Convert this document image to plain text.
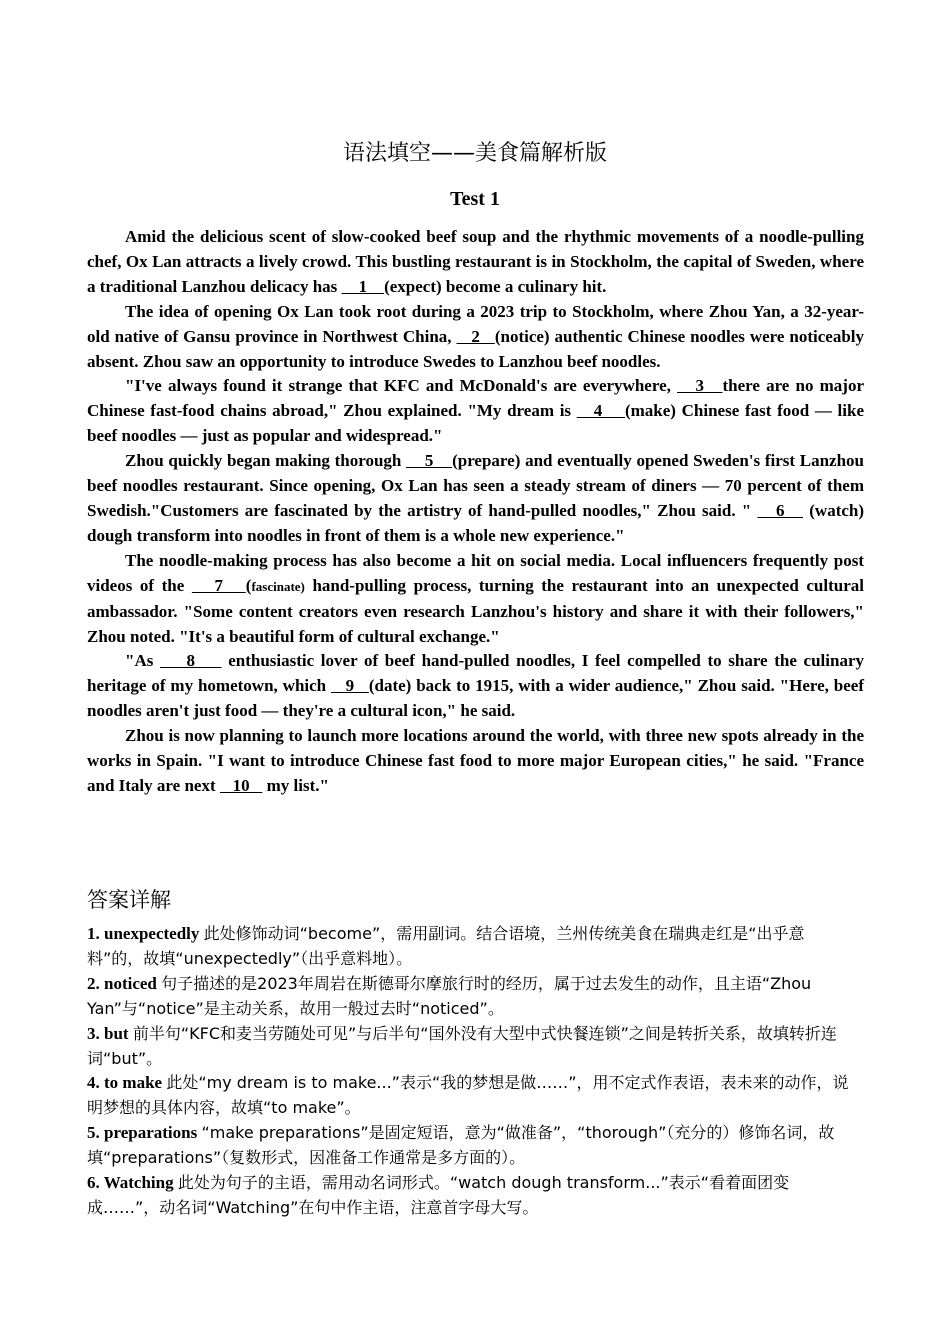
语法填空——美食篇解析版
Test 1

Amid the delicious scent of slow-cooked beef soup and the rhythmic movements of a noodle-pulling chef, Ox Lan attracts a lively crowd. This bustling restaurant is in Stockholm, the capital of Sweden, where a traditional Lanzhou delicacy has     1    (expect) become a culinary hit.

The idea of opening Ox Lan took root during a 2023 trip to Stockholm, where Zhou Yan, a 32-year-old native of Gansu province in Northwest China,    2   (notice) authentic Chinese noodles were noticeably absent. Zhou saw an opportunity to introduce Swedes to Lanzhou beef noodles.

"I've always found it strange that KFC and McDonald's are everywhere,    3   there are no major Chinese fast-food chains abroad," Zhou explained. "My dream is    4    (make) Chinese fast food — like beef noodles — just as popular and widespread."

Zhou quickly began making thorough     5    (prepare) and eventually opened Sweden's first Lanzhou beef noodles restaurant. Since opening, Ox Lan has seen a steady stream of diners — 70 percent of them Swedish."Customers are fascinated by the artistry of hand-pulled noodles," Zhou said. "    6    (watch) dough transform into noodles in front of them is a whole new experience."

The noodle-making process has also become a hit on social media. Local influencers frequently post videos of the    7   (fascinate) hand-pulling process, turning the restaurant into an unexpected cultural ambassador. "Some content creators even research Lanzhou's history and share it with their followers," Zhou noted. "It's a beautiful form of cultural exchange."

"As     8     enthusiastic lover of beef hand-pulled noodles, I feel compelled to share the culinary heritage of my hometown, which    9   (date) back to 1915, with a wider audience," Zhou said. "Here, beef noodles aren't just food — they're a cultural icon," he said.

Zhou is now planning to launch more locations around the world, with three new spots already in the works in Spain. "I want to introduce Chinese fast food to more major European cities," he said. "France and Italy are next    10    my list."

答案详解

1. unexpectedly 此处修饰动词“become”，需用副词。结合语境，兰州传统美食在瑞典走红是“出乎意料”的，故填“unexpectedly”（出乎意料地）。

2. noticed 句子描述的是2023年周岩在斯德哥尔摩旅行时的经历，属于过去发生的动作，且主语“Zhou Yan”与“notice”是主动关系，故用一般过去时“noticed”。

3. but 前半句“KFC和麦当劳随处可见”与后半句“国外没有大型中式快餐连锁”之间是转折关系，故填转折连词“but”。

4. to make 此处“my dream is to make...”表示“我的梦想是做……”，用不定式作表语，表未来的动作，说明梦想的具体内容，故填“to make”。

5. preparations “make preparations”是固定短语，意为“做准备”，“thorough”（充分的）修饰名词，故填“preparations”（复数形式，因准备工作通常是多方面的）。

6. Watching 此处为句子的主语，需用动名词形式。“watch dough transform...”表示“看着面团变成……”，动名词“Watching”在句中作主语，注意首字母大写。
